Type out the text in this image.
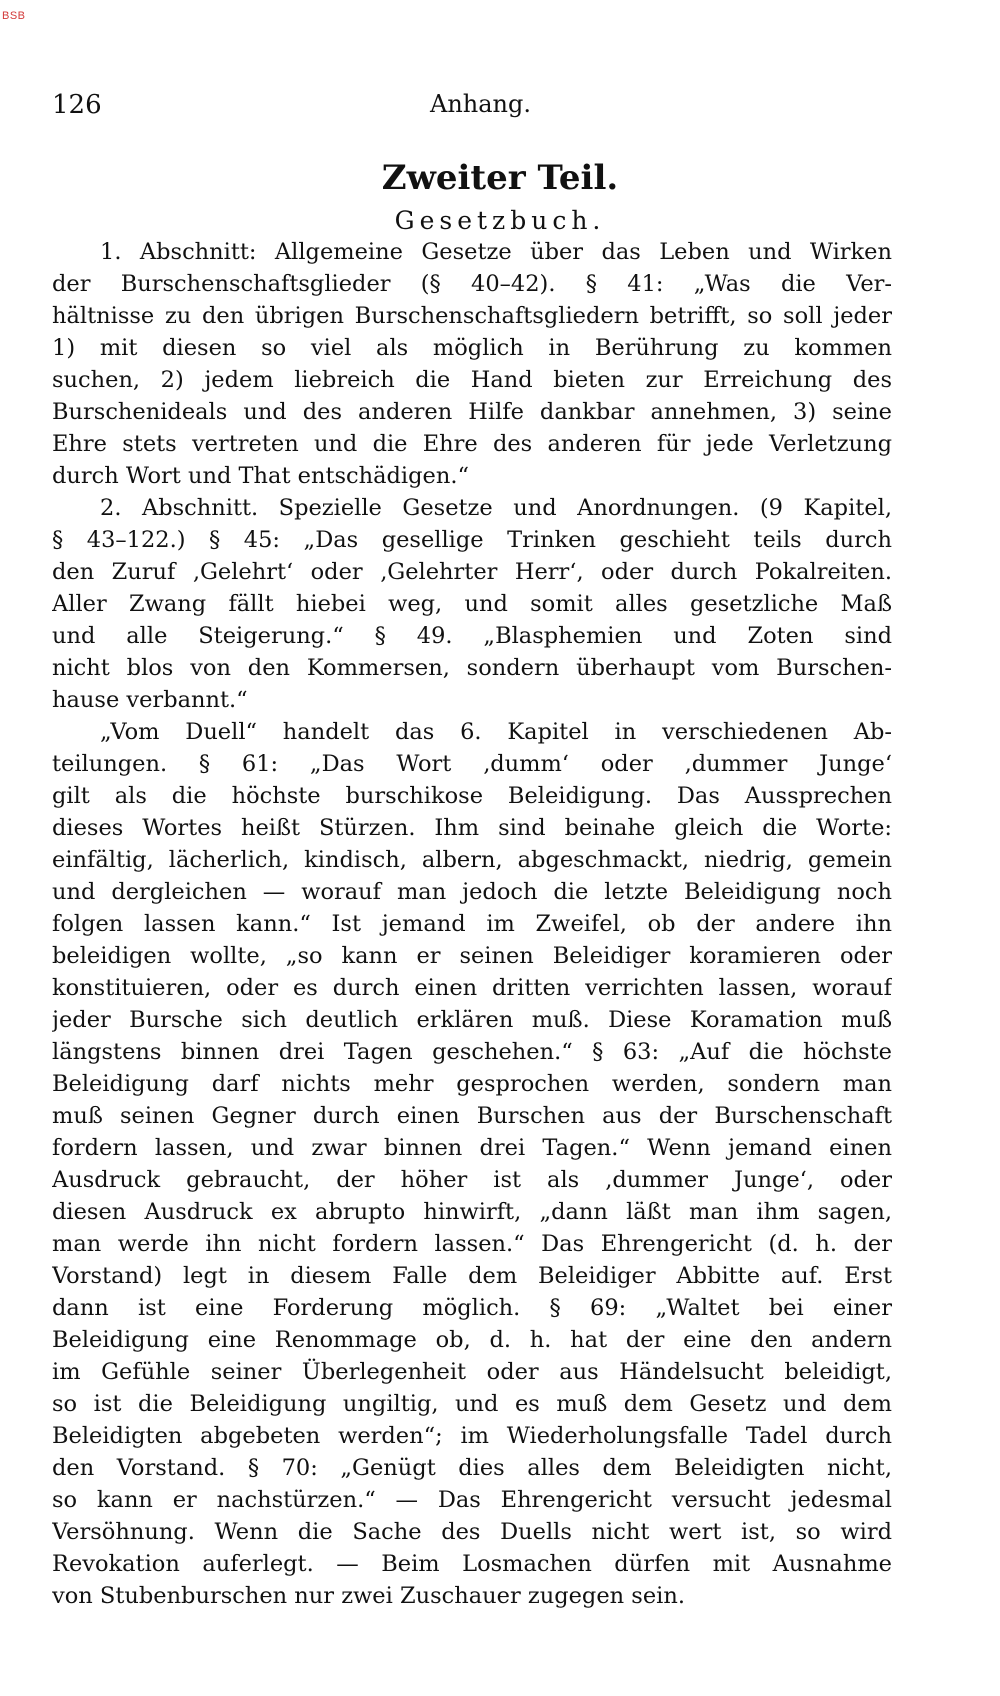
BSB
126	Anhang.
Zweiter Teil.
Gesetzbuch.
1. Abschnitt: Allgemeine Gesetze über das Leben und Wirken
der Burschenschaftsglieder (§ 40–42). § 41: „Was die Ver-
hältnisse zu den übrigen Burschenschaftsgliedern betrifft, so soll jeder
1) mit diesen so viel als möglich in Berührung zu kommen
suchen, 2) jedem liebreich die Hand bieten zur Erreichung des
Burschenideals und des anderen Hilfe dankbar annehmen, 3) seine
Ehre stets vertreten und die Ehre des anderen für jede Verletzung
durch Wort und That entschädigen.“
2. Abschnitt. Spezielle Gesetze und Anordnungen. (9 Kapitel,
§ 43–122.) § 45: „Das gesellige Trinken geschieht teils durch
den Zuruf ‚Gelehrt‘ oder ‚Gelehrter Herr‘, oder durch Pokalreiten.
Aller Zwang fällt hiebei weg, und somit alles gesetzliche Maß
und alle Steigerung.“ § 49. „Blasphemien und Zoten sind
nicht blos von den Kommersen, sondern überhaupt vom Burschen-
hause verbannt.“
„Vom Duell“ handelt das 6. Kapitel in verschiedenen Ab-
teilungen. § 61: „Das Wort ‚dumm‘ oder ‚dummer Junge‘
gilt als die höchste burschikose Beleidigung. Das Aussprechen
dieses Wortes heißt Stürzen. Ihm sind beinahe gleich die Worte:
einfältig, lächerlich, kindisch, albern, abgeschmackt, niedrig, gemein
und dergleichen — worauf man jedoch die letzte Beleidigung noch
folgen lassen kann.“ Ist jemand im Zweifel, ob der andere ihn
beleidigen wollte, „so kann er seinen Beleidiger koramieren oder
konstituieren, oder es durch einen dritten verrichten lassen, worauf
jeder Bursche sich deutlich erklären muß. Diese Koramation muß
längstens binnen drei Tagen geschehen.“ § 63: „Auf die höchste
Beleidigung darf nichts mehr gesprochen werden, sondern man
muß seinen Gegner durch einen Burschen aus der Burschenschaft
fordern lassen, und zwar binnen drei Tagen.“ Wenn jemand einen
Ausdruck gebraucht, der höher ist als ‚dummer Junge‘, oder
diesen Ausdruck ex abrupto hinwirft, „dann läßt man ihm sagen,
man werde ihn nicht fordern lassen.“ Das Ehrengericht (d. h. der
Vorstand) legt in diesem Falle dem Beleidiger Abbitte auf. Erst
dann ist eine Forderung möglich. § 69: „Waltet bei einer
Beleidigung eine Renommage ob, d. h. hat der eine den andern
im Gefühle seiner Überlegenheit oder aus Händelsucht beleidigt,
so ist die Beleidigung ungiltig, und es muß dem Gesetz und dem
Beleidigten abgebeten werden“; im Wiederholungsfalle Tadel durch
den Vorstand. § 70: „Genügt dies alles dem Beleidigten nicht,
so kann er nachstürzen.“ — Das Ehrengericht versucht jedesmal
Versöhnung. Wenn die Sache des Duells nicht wert ist, so wird
Revokation auferlegt. — Beim Losmachen dürfen mit Ausnahme
von Stubenburschen nur zwei Zuschauer zugegen sein.
